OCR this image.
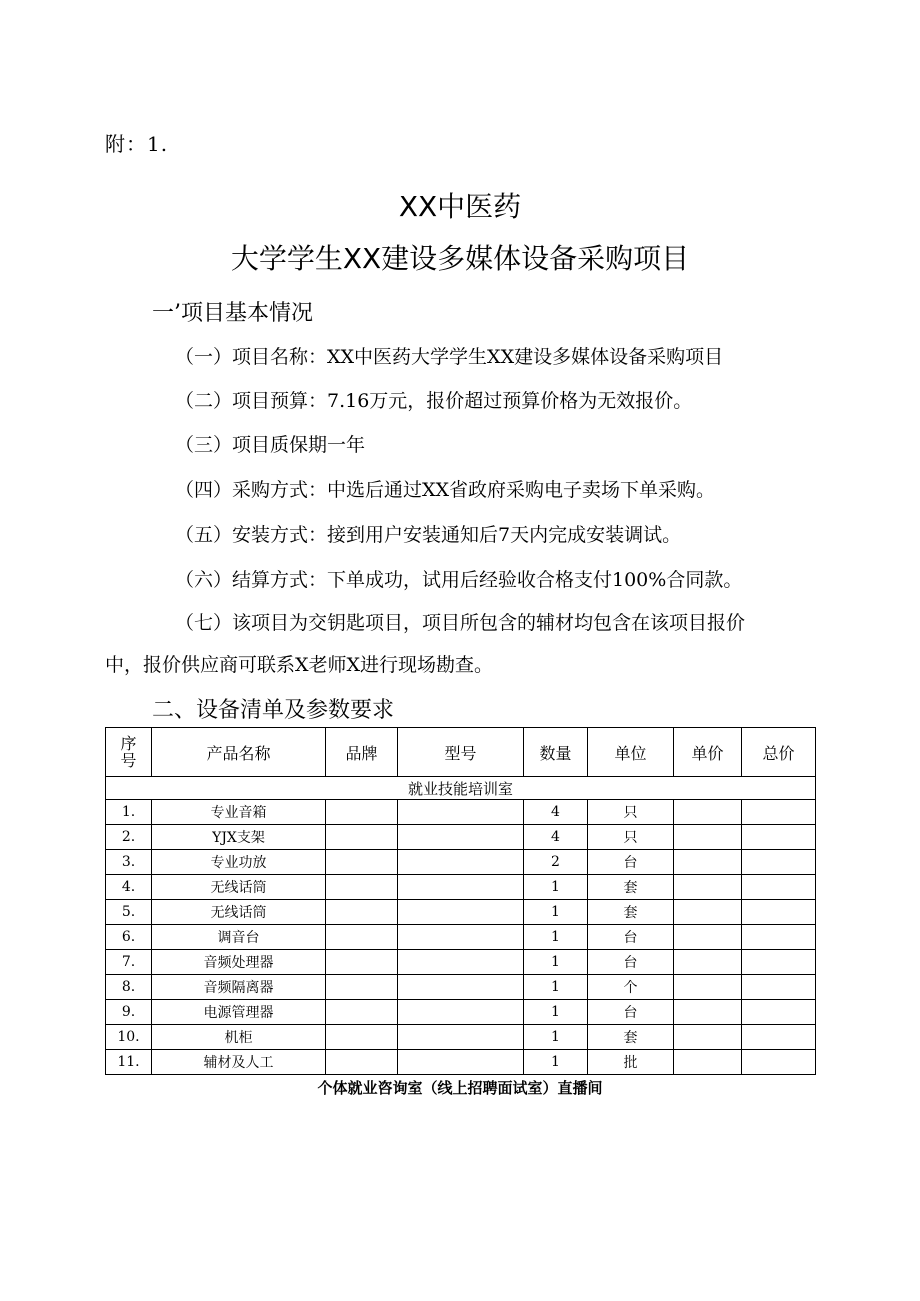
附：1.

XX中医药
大学学生XX建设多媒体设备采购项目
一’项目基本情况

（一）项目名称：XX中医药大学学生XX建设多媒体设备采购项目

（二）项目预算：7.16万元，报价超过预算价格为无效报价。

（三）项目质保期一年

（四）采购方式：中选后通过XX省政府采购电子卖场下单采购。

（五）安装方式：接到用户安装通知后7天内完成安装调试。

（六）结算方式：下单成功，试用后经验收合格支付100%合同款。

（七）该项目为交钥匙项目，项目所包含的辅材均包含在该项目报价

中，报价供应商可联系X老师X进行现场勘查。

二、设备清单及参数要求
序
号	产品名称	品牌	型号	数量	单位	单价	总价
就业技能培训室							
1.	专业音箱			4	只		
2.	YJX支架			4	只		
3.	专业功放			2	台		
4.	无线话筒			1	套		
5.	无线话筒			1	套		
6.	调音台			1	台		
7.	音频处理器			1	台		
8.	音频隔离器			1	个		
9.	电源管理器			1	台		
10.	机柜			1	套		
11.	辅材及人工			1	批		

个体就业咨询室（线上招聘面试室）直播间
